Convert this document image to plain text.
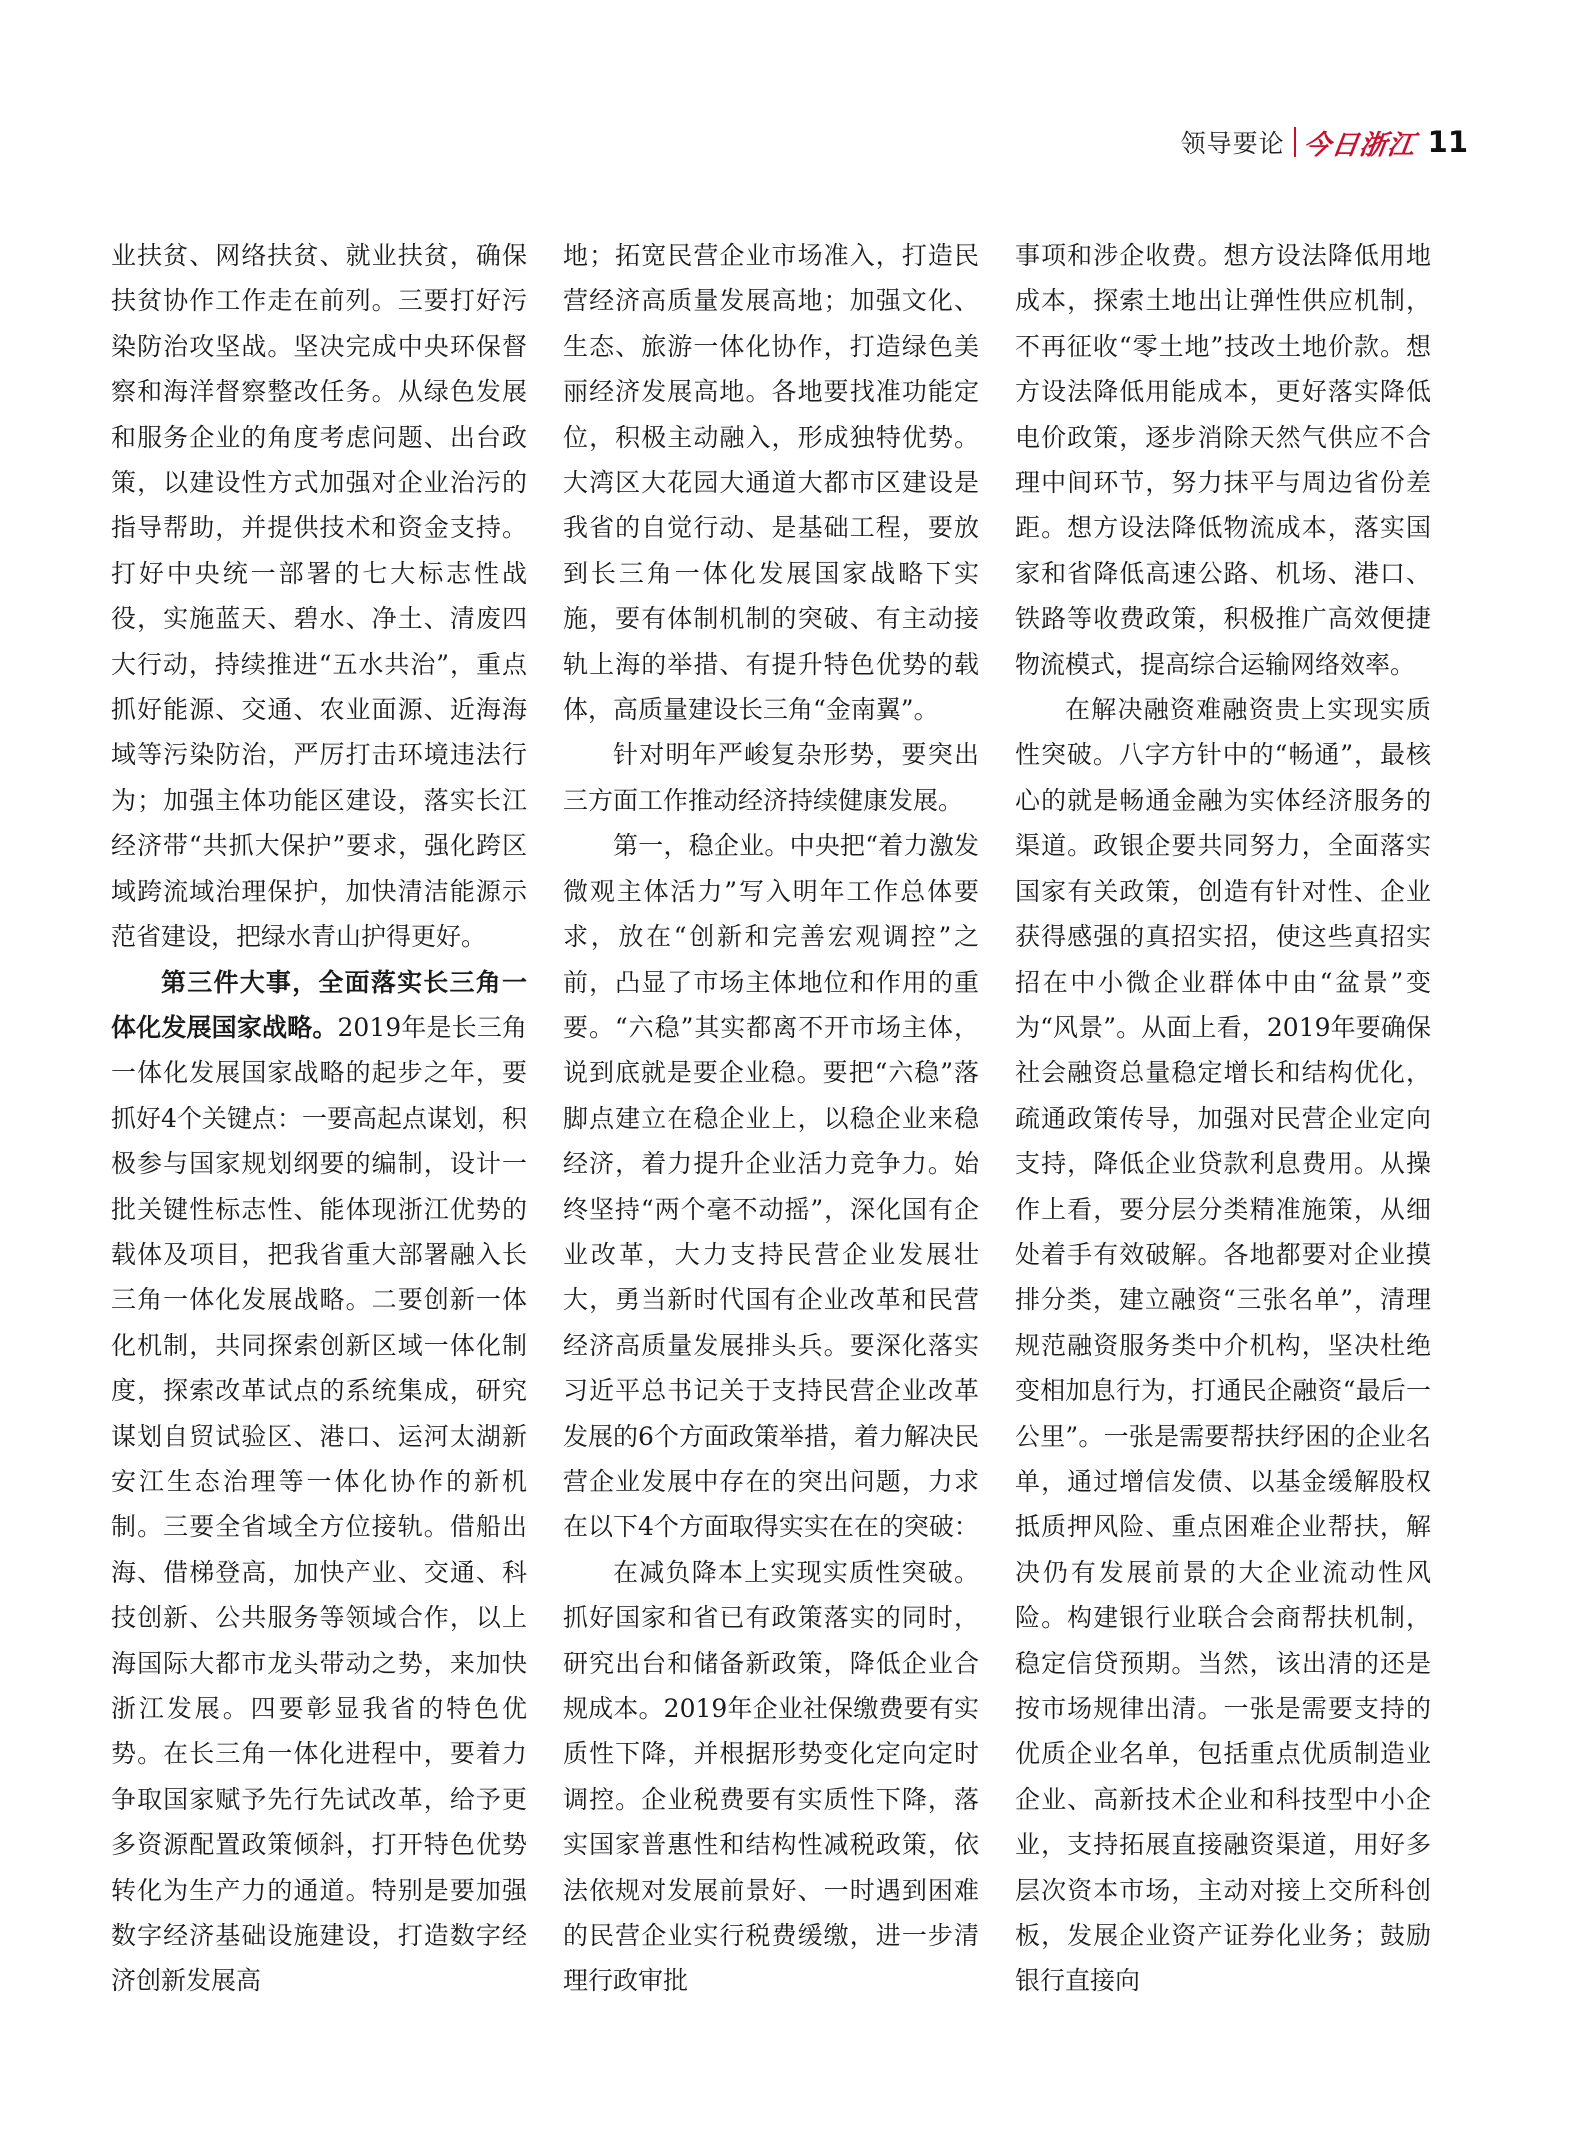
领导要论 今日浙江 11

业扶贫、网络扶贫、就业扶贫，确保扶贫协作工作走在前列。三要打好污染防治攻坚战。坚决完成中央环保督察和海洋督察整改任务。从绿色发展和服务企业的角度考虑问题、出台政策，以建设性方式加强对企业治污的指导帮助，并提供技术和资金支持。打好中央统一部署的七大标志性战役，实施蓝天、碧水、净土、清废四大行动，持续推进“五水共治”，重点抓好能源、交通、农业面源、近海海域等污染防治，严厉打击环境违法行为；加强主体功能区建设，落实长江经济带“共抓大保护”要求，强化跨区域跨流域治理保护，加快清洁能源示范省建设，把绿水青山护得更好。

第三件大事，全面落实长三角一体化发展国家战略。2019年是长三角一体化发展国家战略的起步之年，要抓好4个关键点：一要高起点谋划，积极参与国家规划纲要的编制，设计一批关键性标志性、能体现浙江优势的载体及项目，把我省重大部署融入长三角一体化发展战略。二要创新一体化机制，共同探索创新区域一体化制度，探索改革试点的系统集成，研究谋划自贸试验区、港口、运河太湖新安江生态治理等一体化协作的新机制。三要全省域全方位接轨。借船出海、借梯登高，加快产业、交通、科技创新、公共服务等领域合作，以上海国际大都市龙头带动之势，来加快浙江发展。四要彰显我省的特色优势。在长三角一体化进程中，要着力争取国家赋予先行先试改革，给予更多资源配置政策倾斜，打开特色优势转化为生产力的通道。特别是要加强数字经济基础设施建设，打造数字经济创新发展高

地；拓宽民营企业市场准入，打造民营经济高质量发展高地；加强文化、生态、旅游一体化协作，打造绿色美丽经济发展高地。各地要找准功能定位，积极主动融入，形成独特优势。大湾区大花园大通道大都市区建设是我省的自觉行动、是基础工程，要放到长三角一体化发展国家战略下实施，要有体制机制的突破、有主动接轨上海的举措、有提升特色优势的载体，高质量建设长三角“金南翼”。

针对明年严峻复杂形势，要突出三方面工作推动经济持续健康发展。

第一，稳企业。中央把“着力激发微观主体活力”写入明年工作总体要求，放在“创新和完善宏观调控”之前，凸显了市场主体地位和作用的重要。“六稳”其实都离不开市场主体，说到底就是要企业稳。要把“六稳”落脚点建立在稳企业上，以稳企业来稳经济，着力提升企业活力竞争力。始终坚持“两个毫不动摇”，深化国有企业改革，大力支持民营企业发展壮大，勇当新时代国有企业改革和民营经济高质量发展排头兵。要深化落实习近平总书记关于支持民营企业改革发展的6个方面政策举措，着力解决民营企业发展中存在的突出问题，力求在以下4个方面取得实实在在的突破：

在减负降本上实现实质性突破。抓好国家和省已有政策落实的同时，研究出台和储备新政策，降低企业合规成本。2019年企业社保缴费要有实质性下降，并根据形势变化定向定时调控。企业税费要有实质性下降，落实国家普惠性和结构性减税政策，依法依规对发展前景好、一时遇到困难的民营企业实行税费缓缴，进一步清理行政审批

事项和涉企收费。想方设法降低用地成本，探索土地出让弹性供应机制，不再征收“零土地”技改土地价款。想方设法降低用能成本，更好落实降低电价政策，逐步消除天然气供应不合理中间环节，努力抹平与周边省份差距。想方设法降低物流成本，落实国家和省降低高速公路、机场、港口、铁路等收费政策，积极推广高效便捷物流模式，提高综合运输网络效率。

在解决融资难融资贵上实现实质性突破。八字方针中的“畅通”，最核心的就是畅通金融为实体经济服务的渠道。政银企要共同努力，全面落实国家有关政策，创造有针对性、企业获得感强的真招实招，使这些真招实招在中小微企业群体中由“盆景”变为“风景”。从面上看，2019年要确保社会融资总量稳定增长和结构优化，疏通政策传导，加强对民营企业定向支持，降低企业贷款利息费用。从操作上看，要分层分类精准施策，从细处着手有效破解。各地都要对企业摸排分类，建立融资“三张名单”，清理规范融资服务类中介机构，坚决杜绝变相加息行为，打通民企融资“最后一公里”。一张是需要帮扶纾困的企业名单，通过增信发债、以基金缓解股权抵质押风险、重点困难企业帮扶，解决仍有发展前景的大企业流动性风险。构建银行业联合会商帮扶机制，稳定信贷预期。当然，该出清的还是按市场规律出清。一张是需要支持的优质企业名单，包括重点优质制造业企业、高新技术企业和科技型中小企业，支持拓展直接融资渠道，用好多层次资本市场，主动对接上交所科创板，发展企业资产证券化业务；鼓励银行直接向
